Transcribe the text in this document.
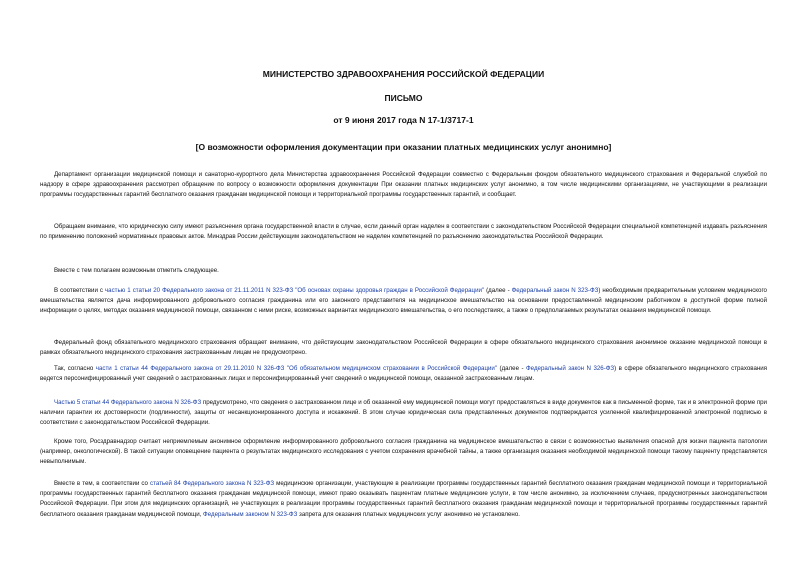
МИНИСТЕРСТВО ЗДРАВООХРАНЕНИЯ РОССИЙСКОЙ ФЕДЕРАЦИИ
ПИСЬМО
от 9 июня 2017 года N 17-1/3717-1
[О возможности оформления документации при оказании платных медицинских услуг анонимно]

Департамент организации медицинской помощи и санаторно-курортного дела Министерства здравоохранения Российской Федерации совместно с Федеральным фондом обязательного медицинского страхования и Федеральной службой по надзору в сфере здравоохранения рассмотрел обращение по вопросу о возможности оформления документации При оказании платных медицинских услуг анонимно, в том числе медицинскими организациями, не участвующими в реализации программы государственных гарантий бесплатного оказания гражданам медицинской помощи и территориальной программы государственных гарантий, и сообщает.

Обращаем внимание, что юридическую силу имеют разъяснения органа государственной власти в случае, если данный орган наделен в соответствии с законодательством Российской Федерации специальной компетенцией издавать разъяснения по применению положений нормативных правовых актов. Минздрав России действующим законодательством не наделен компетенцией по разъяснению законодательства Российской Федерации.

Вместе с тем полагаем возможным отметить следующее.

В соответствии с частью 1 статьи 20 Федерального закона от 21.11.2011 N 323-ФЗ "Об основах охраны здоровья граждан в Российской Федерации" (далее - Федеральный закон N 323-ФЗ) необходимым предварительным условием медицинского вмешательства является дача информированного добровольного согласия гражданина или его законного представителя на медицинское вмешательство на основании предоставленной медицинским работником в доступной форме полной информации о целях, методах оказания медицинской помощи, связанном с ними риске, возможных вариантах медицинского вмешательства, о его последствиях, а также о предполагаемых результатах оказания медицинской помощи.

Федеральный фонд обязательного медицинского страхования обращает внимание, что действующим законодательством Российской Федерации в сфере обязательного медицинского страхования анонимное оказание медицинской помощи в рамках обязательного медицинского страхования застрахованным лицам не предусмотрено.

Так, согласно части 1 статьи 44 Федерального закона от 29.11.2010 N 326-ФЗ "Об обязательном медицинском страховании в Российской Федерации" (далее - Федеральный закон N 326-ФЗ) в сфере обязательного медицинского страхования ведется персонифицированный учет сведений о застрахованных лицах и персонифицированный учет сведений о медицинской помощи, оказанной застрахованным лицам.

Частью 5 статьи 44 Федерального закона N 326-ФЗ предусмотрено, что сведения о застрахованном лице и об оказанной ему медицинской помощи могут предоставляться в виде документов как в письменной форме, так и в электронной форме при наличии гарантии их достоверности (подлинности), защиты от несанкционированного доступа и искажений. В этом случае юридическая сила представленных документов подтверждается усиленной квалифицированной электронной подписью в соответствии с законодательством Российской Федерации.

Кроме того, Росздравнадзор считает неприемлемым анонимное оформление информированного добровольного согласия гражданина на медицинское вмешательство в связи с возможностью выявления опасной для жизни пациента патологии (например, онкологической). В такой ситуации оповещение пациента о результатах медицинского исследования с учетом сохранения врачебной тайны, а также организация оказания необходимой медицинской помощи такому пациенту представляется невыполнимым.

Вместе в тем, в соответствии со статьей 84 Федерального закона N 323-ФЗ медицинские организации, участвующие в реализации программы государственных гарантий бесплатного оказания гражданам медицинской помощи и территориальной программы государственных гарантий бесплатного оказания гражданам медицинской помощи, имеют право оказывать пациентам платные медицинские услуги, в том числе анонимно, за исключением случаев, предусмотренных законодательством Российской Федерации. При этом для медицинских организаций, не участвующих в реализации программы государственных гарантий бесплатного оказания гражданам медицинской помощи и территориальной программы государственных гарантий бесплатного оказания гражданам медицинской помощи, Федеральным законом N 323-ФЗ запрета для оказания платных медицинских услуг анонимно не установлено.
